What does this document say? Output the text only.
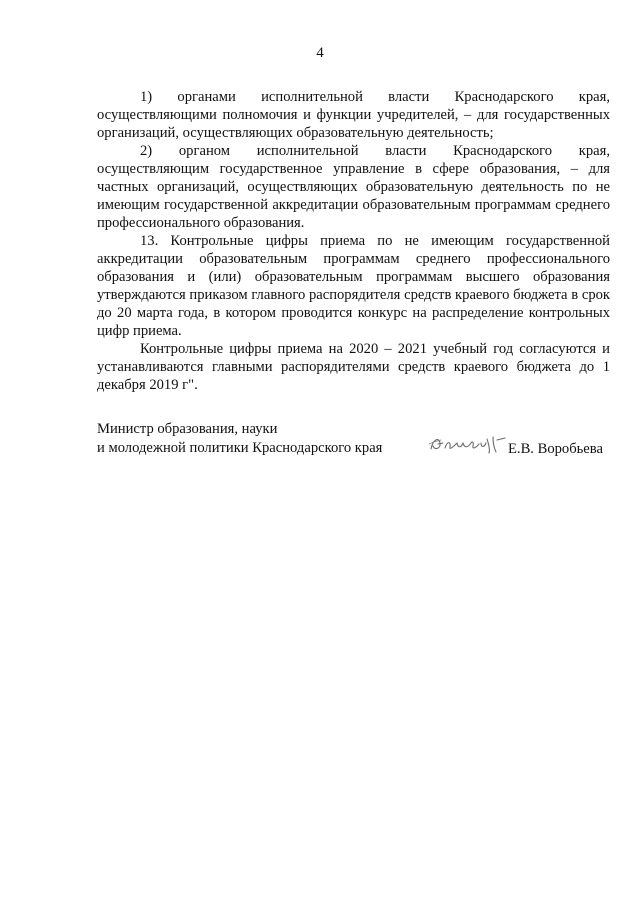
4

1) органами исполнительной власти Краснодарского края, осуществляющими полномочия и функции учредителей, – для государственных организаций, осуществляющих образовательную деятельность;

2) органом исполнительной власти Краснодарского края, осуществляющим государственное управление в сфере образования, – для частных организаций, осуществляющих образовательную деятельность по не имеющим государственной аккредитации образовательным программам среднего профессионального образования.

13. Контрольные цифры приема по не имеющим государственной аккредитации образовательным программам среднего профессионального образования и (или) образовательным программам высшего образования утверждаются приказом главного распорядителя средств краевого бюджета в срок до 20 марта года, в котором проводится конкурс на распределение контрольных цифр приема.

Контрольные цифры приема на 2020 – 2021 учебный год согласуются и устанавливаются главными распорядителями средств краевого бюджета до 1 декабря 2019 г".

Министр образования, науки
и молодежной политики Краснодарского края	Е.В. Воробьева
